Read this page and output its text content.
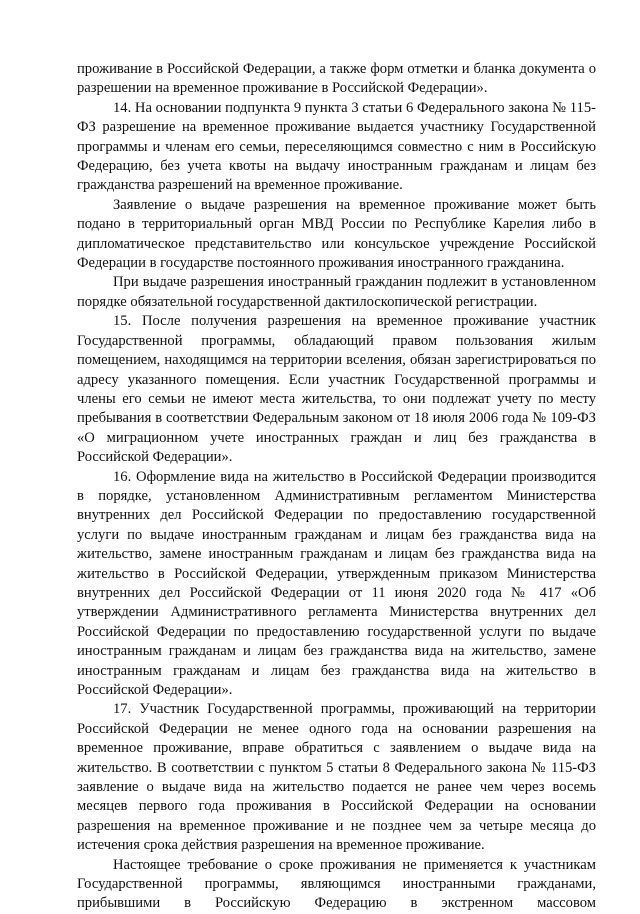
проживание в Российской Федерации, а также форм отметки и бланка документа о разрешении на временное проживание в Российской Федерации».

14. На основании подпункта 9 пункта 3 статьи 6 Федерального закона № 115-ФЗ разрешение на временное проживание выдается участнику Государственной программы и членам его семьи, переселяющимся совместно с ним в Российскую Федерацию, без учета квоты на выдачу иностранным гражданам и лицам без гражданства разрешений на временное проживание.

Заявление о выдаче разрешения на временное проживание может быть подано в территориальный орган МВД России по Республике Карелия либо в дипломатическое представительство или консульское учреждение Российской Федерации в государстве постоянного проживания иностранного гражданина.

При выдаче разрешения иностранный гражданин подлежит в установленном порядке обязательной государственной дактилоскопической регистрации.

15. После получения разрешения на временное проживание участник Государственной программы, обладающий правом пользования жилым помещением, находящимся на территории вселения, обязан зарегистрироваться по адресу указанного помещения. Если участник Государственной программы и члены его семьи не имеют места жительства, то они подлежат учету по месту пребывания в соответствии Федеральным законом от 18 июля 2006 года № 109-ФЗ «О миграционном учете иностранных граждан и лиц без гражданства в Российской Федерации».

16. Оформление вида на жительство в Российской Федерации производится в порядке, установленном Административным регламентом Министерства внутренних дел Российской Федерации по предоставлению государственной услуги по выдаче иностранным гражданам и лицам без гражданства вида на жительство, замене иностранным гражданам и лицам без гражданства вида на жительство в Российской Федерации, утвержденным приказом Министерства внутренних дел Российской Федерации от 11 июня 2020 года № 417 «Об утверждении Административного регламента Министерства внутренних дел Российской Федерации по предоставлению государственной услуги по выдаче иностранным гражданам и лицам без гражданства вида на жительство, замене иностранным гражданам и лицам без гражданства вида на жительство в Российской Федерации».

17. Участник Государственной программы, проживающий на территории Российской Федерации не менее одного года на основании разрешения на временное проживание, вправе обратиться с заявлением о выдаче вида на жительство. В соответствии с пунктом 5 статьи 8 Федерального закона № 115-ФЗ заявление о выдаче вида на жительство подается не ранее чем через восемь месяцев первого года проживания в Российской Федерации на основании разрешения на временное проживание и не позднее чем за четыре месяца до истечения срока действия разрешения на временное проживание.

Настоящее требование о сроке проживания не применяется к участникам Государственной программы, являющимся иностранными гражданами, прибывшими в Российскую Федерацию в экстренном массовом
